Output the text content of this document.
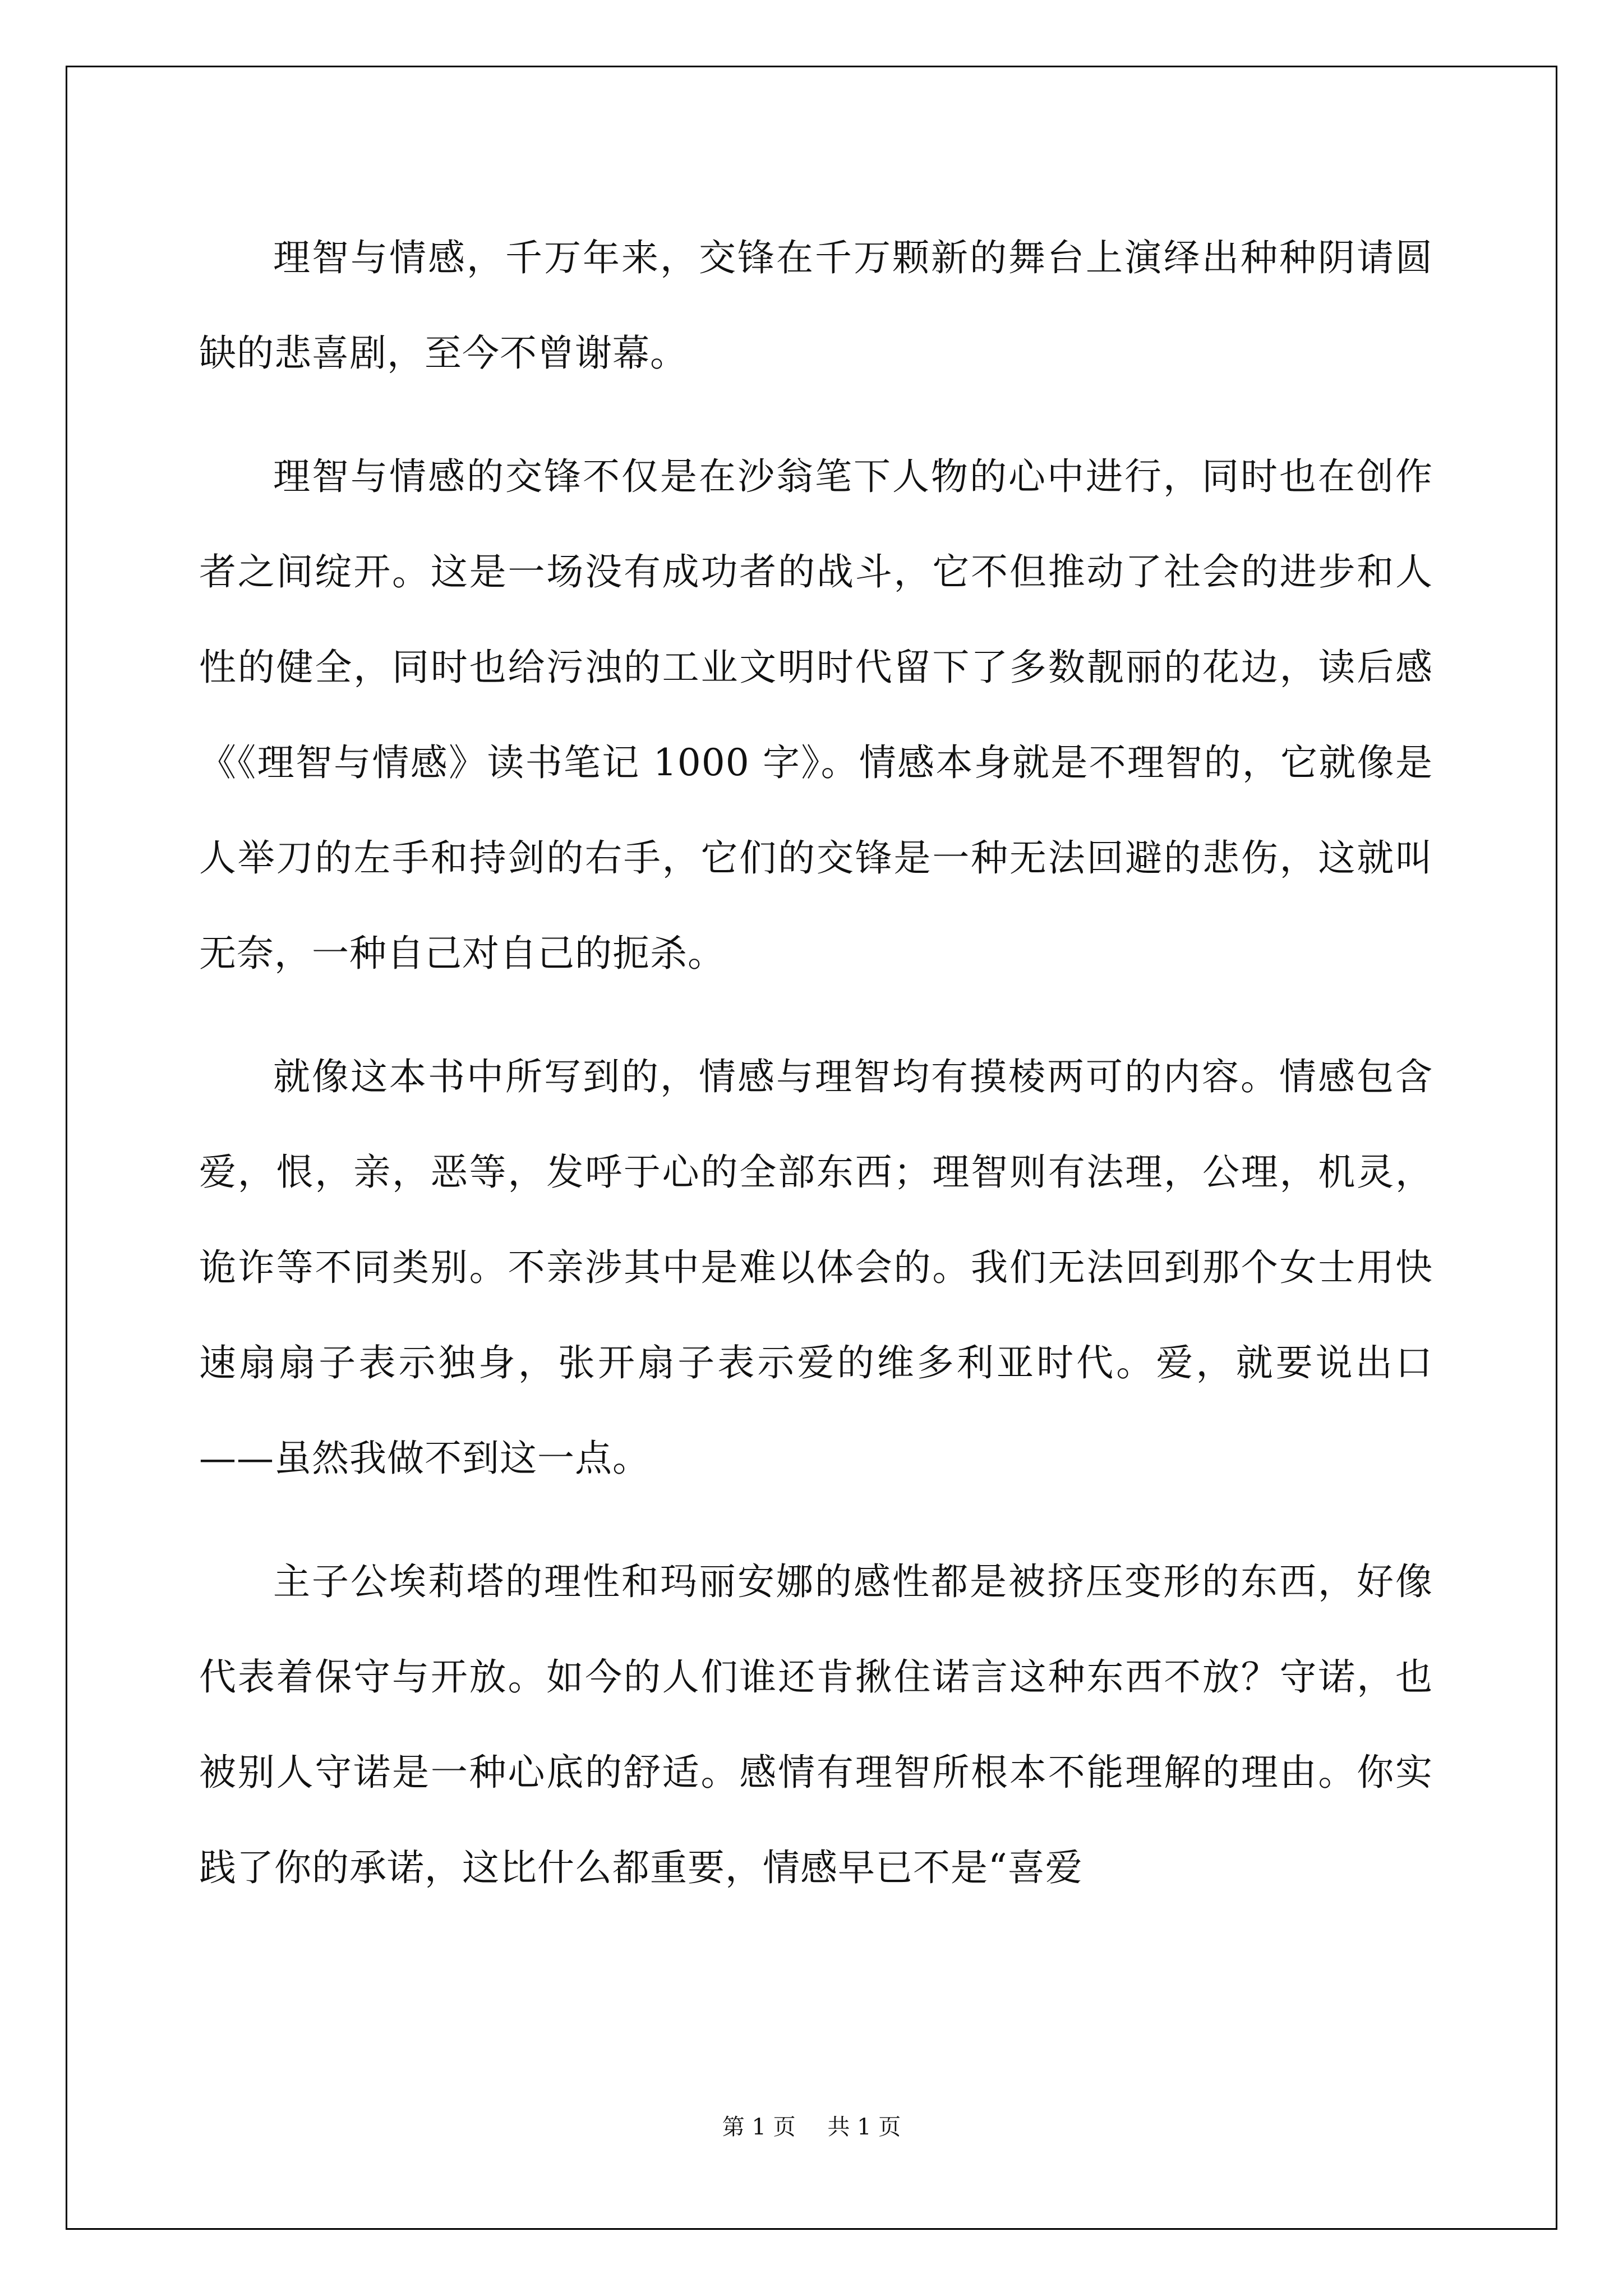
理智与情感，千万年来，交锋在千万颗新的舞台上演绎出种种阴请圆缺的悲喜剧，至今不曾谢幕。

理智与情感的交锋不仅是在沙翁笔下人物的心中进行，同时也在创作者之间绽开。这是一场没有成功者的战斗，它不但推动了社会的进步和人性的健全，同时也给污浊的工业文明时代留下了多数靓丽的花边，读后感《《理智与情感》读书笔记 1000 字》。情感本身就是不理智的，它就像是人举刀的左手和持剑的右手，它们的交锋是一种无法回避的悲伤，这就叫无奈，一种自己对自己的扼杀。

就像这本书中所写到的，情感与理智均有摸棱两可的内容。情感包含爱，恨，亲，恶等，发呼于心的全部东西；理智则有法理，公理，机灵，诡诈等不同类别。不亲涉其中是难以体会的。我们无法回到那个女士用快速扇扇子表示独身，张开扇子表示爱的维多利亚时代。爱，就要说出口——虽然我做不到这一点。

主子公埃莉塔的理性和玛丽安娜的感性都是被挤压变形的东西，好像代表着保守与开放。如今的人们谁还肯揪住诺言这种东西不放？守诺，也被别人守诺是一种心底的舒适。感情有理智所根本不能理解的理由。你实践了你的承诺，这比什么都重要，情感早已不是“喜爱

第 1 页 共 1 页
